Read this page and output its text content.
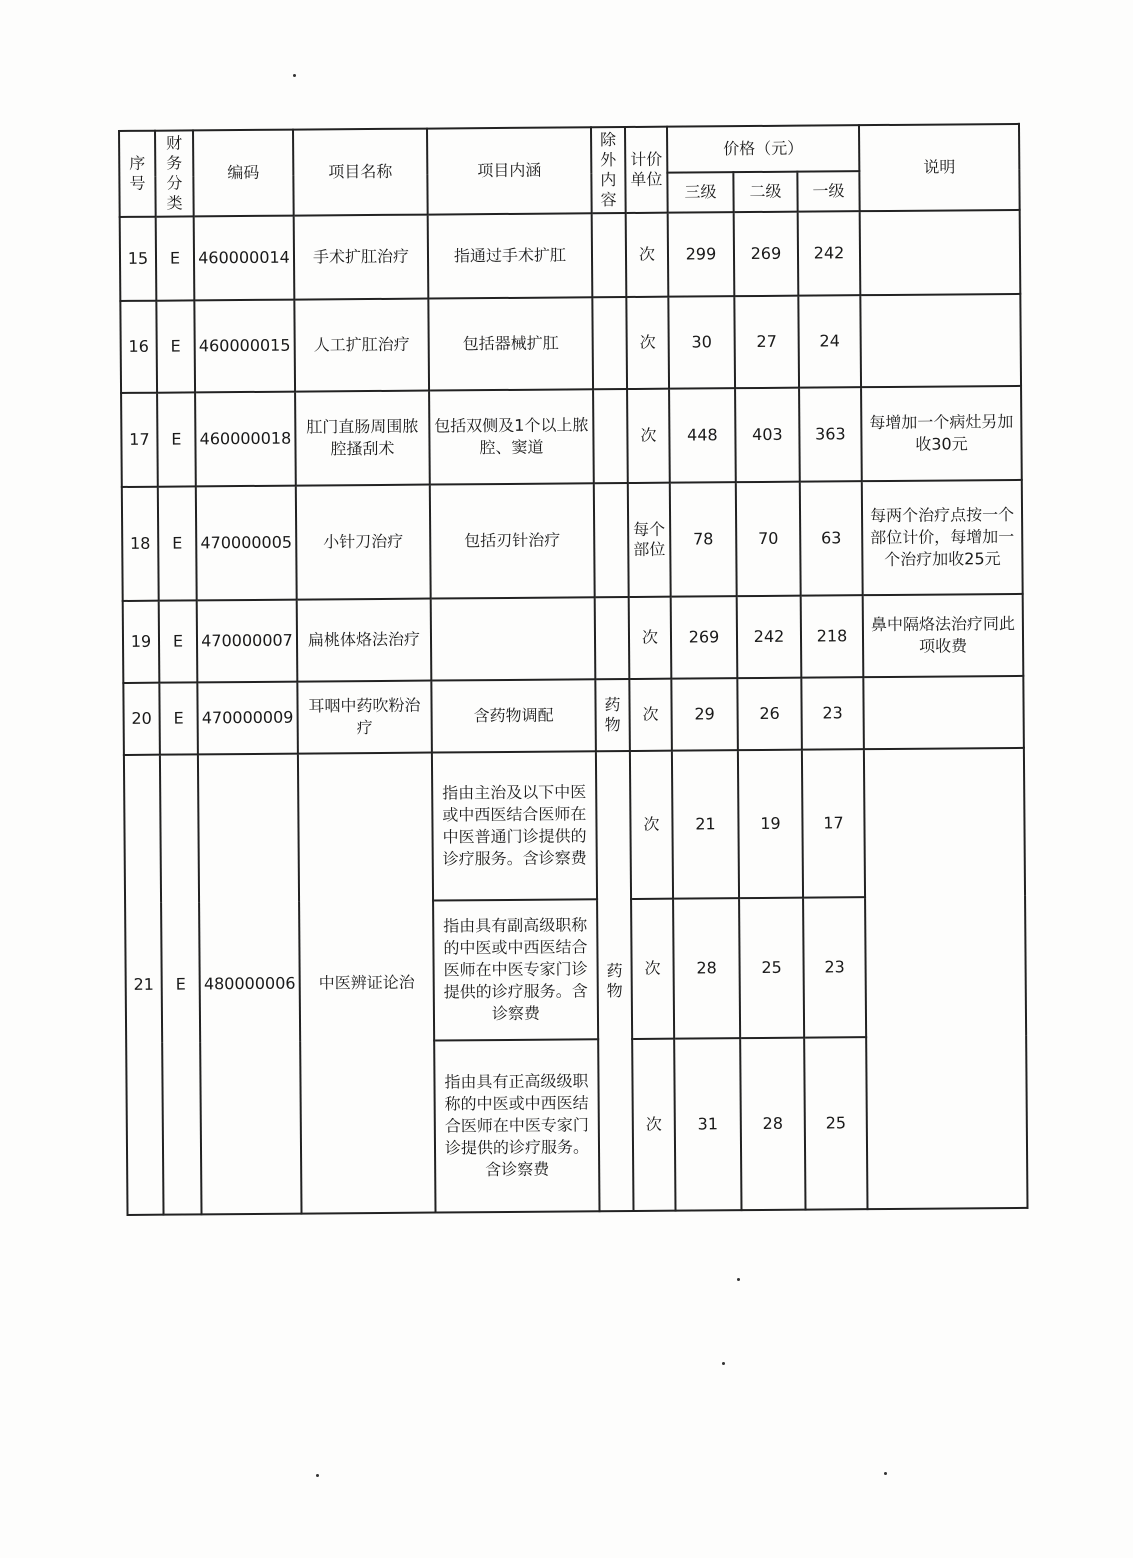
序号	财务分类	编码	项目名称	项目内涵	除外内容	计价单位	价格（元）			说明
							三级	二级	一级	
15	E	460000014	手术扩肛治疗	指通过手术扩肛		次	299	269	242	
16	E	460000015	人工扩肛治疗	包括器械扩肛		次	30	27	24	
17	E	460000018	肛门直肠周围脓腔搔刮术	包括双侧及1个以上脓腔、窦道		次	448	403	363	每增加一个病灶另加收30元
18	E	470000005	小针刀治疗	包括刃针治疗		每个部位	78	70	63	每两个治疗点按一个部位计价，每增加一个治疗加收25元
19	E	470000007	扁桃体烙法治疗			次	269	242	218	鼻中隔烙法治疗同此项收费
20	E	470000009	耳咽中药吹粉治疗	含药物调配	药物	次	29	26	23	
21	E	480000006	中医辨证论治	指由主治及以下中医或中西医结合医师在中医普通门诊提供的诊疗服务。含诊察费	药物	次	21	19	17	
				指由具有副高级职称的中医或中西医结合医师在中医专家门诊提供的诊疗服务。含诊察费		次	28	25	23	
				指由具有正高级级职称的中医或中西医结合医师在中医专家门诊提供的诊疗服务。含诊察费		次	31	28	25	
